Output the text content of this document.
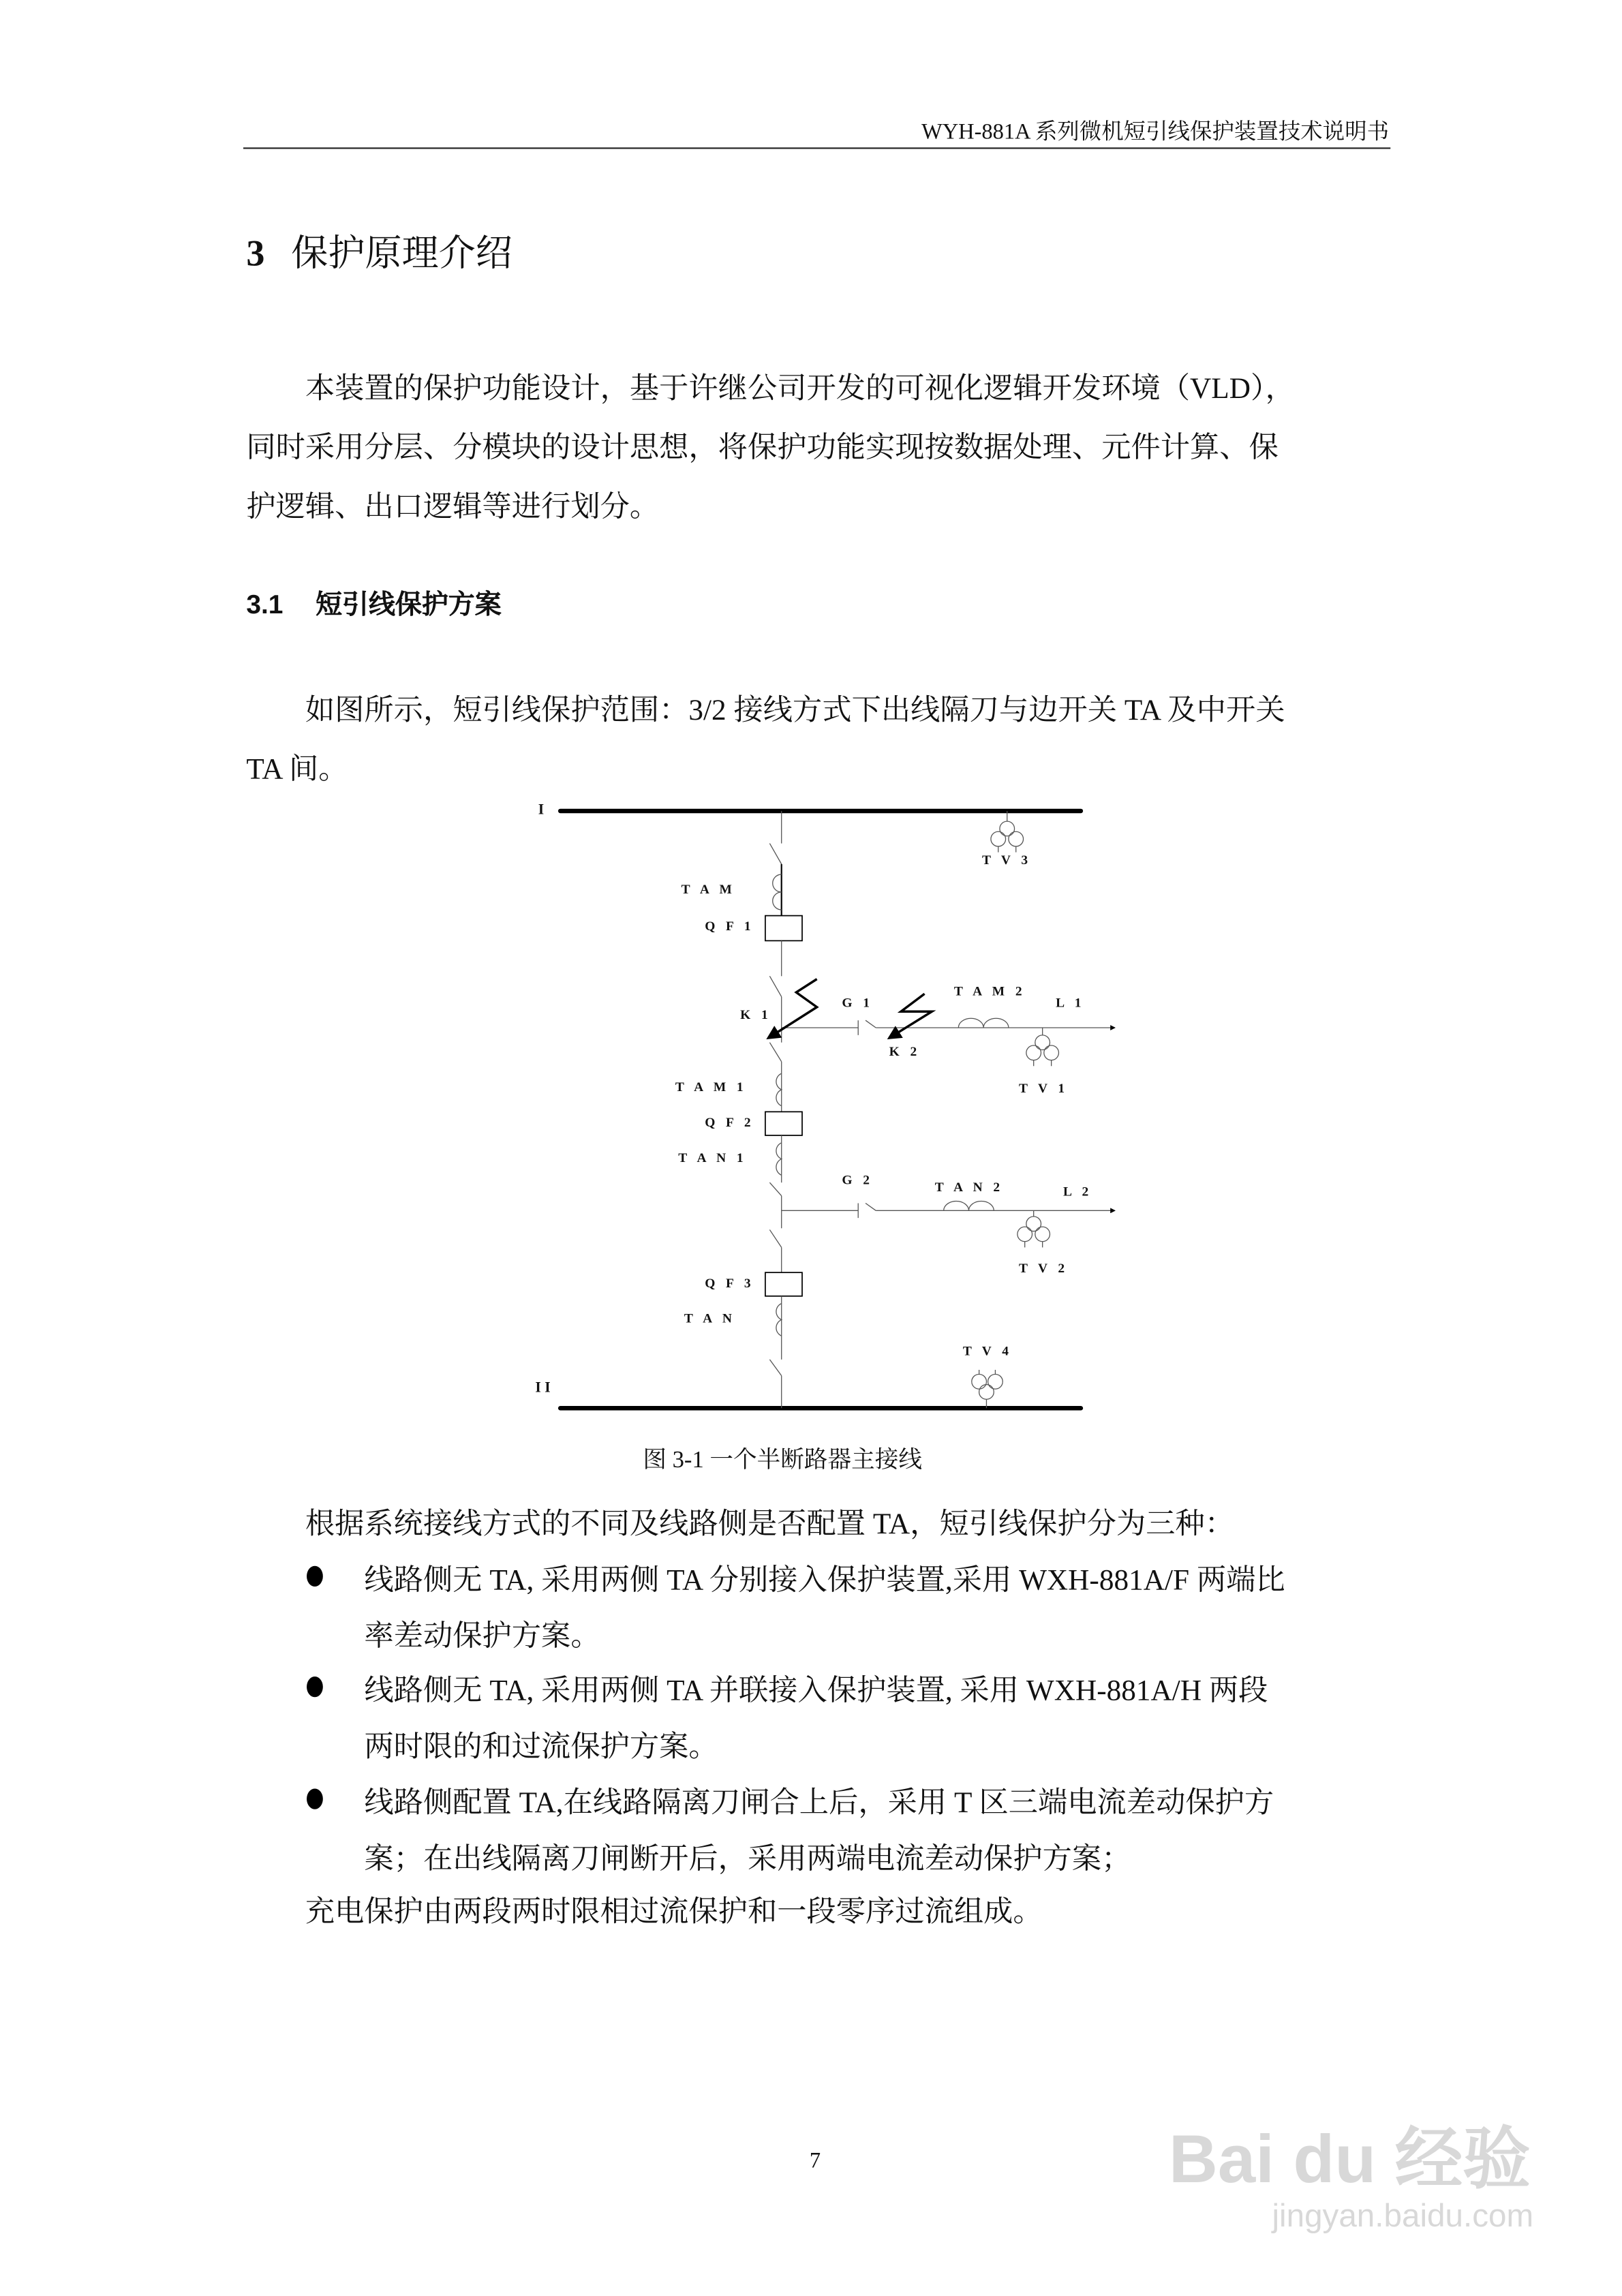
WYH-881A 系列微机短引线保护装置技术说明书
3 保护原理介绍
本装置的保护功能设计，基于许继公司开发的可视化逻辑开发环境（VLD），
同时采用分层、分模块的设计思想，将保护功能实现按数据处理、元件计算、保
护逻辑、出口逻辑等进行划分。
3.1	短引线保护方案
如图所示，短引线保护范围：3/2 接线方式下出线隔刀与边开关 TA 及中开关
TA 间。
I
II
T A M
Q F 1
K 1
G 1
T A M 2
L 1
K 2
T V 1
T V 3
T A M 1
Q F 2
T A N 1
G 2
T A N 2	L 2
T V 2
Q F 3
T A N
T V 4
图 3-1 一个半断路器主接线
根据系统接线方式的不同及线路侧是否配置 TA，短引线保护分为三种：
线路侧无 TA, 采用两侧 TA 分别接入保护装置,采用 WXH-881A/F 两端比
率差动保护方案。
线路侧无 TA, 采用两侧 TA 并联接入保护装置, 采用 WXH-881A/H 两段
两时限的和过流保护方案。
线路侧配置 TA,在线路隔离刀闸合上后，采用 T 区三端电流差动保护方
案；在出线隔离刀闸断开后，采用两端电流差动保护方案；
充电保护由两段两时限相过流保护和一段零序过流组成。
7	Bai du 经验
jingyan.baidu.com
